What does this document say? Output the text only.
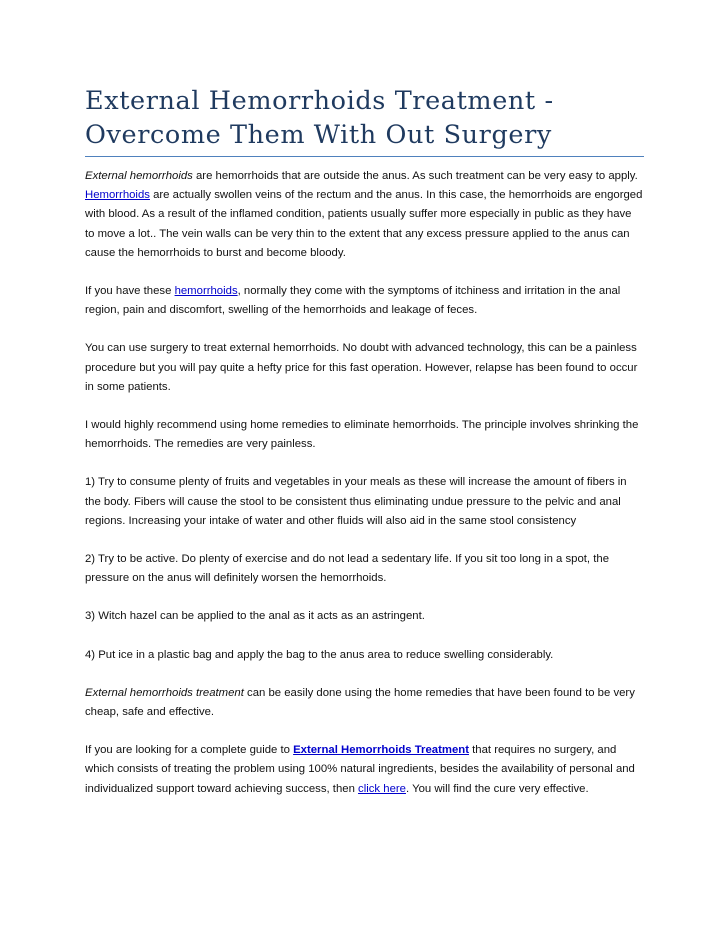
External Hemorrhoids Treatment -
Overcome Them With Out Surgery

External hemorrhoids are hemorrhoids that are outside the anus. As such treatment can be very easy to apply. Hemorrhoids are actually swollen veins of the rectum and the anus. In this case, the hemorrhoids are engorged with blood. As a result of the inflamed condition, patients usually suffer more especially in public as they have to move a lot.. The vein walls can be very thin to the extent that any excess pressure applied to the anus can cause the hemorrhoids to burst and become bloody.

If you have these hemorrhoids, normally they come with the symptoms of itchiness and irritation in the anal region, pain and discomfort, swelling of the hemorrhoids and leakage of feces.

You can use surgery to treat external hemorrhoids. No doubt with advanced technology, this can be a painless procedure but you will pay quite a hefty price for this fast operation. However, relapse has been found to occur in some patients.

I would highly recommend using home remedies to eliminate hemorrhoids. The principle involves shrinking the hemorrhoids. The remedies are very painless.

1) Try to consume plenty of fruits and vegetables in your meals as these will increase the amount of fibers in the body. Fibers will cause the stool to be consistent thus eliminating undue pressure to the pelvic and anal regions. Increasing your intake of water and other fluids will also aid in the same stool consistency

2) Try to be active. Do plenty of exercise and do not lead a sedentary life. If you sit too long in a spot, the pressure on the anus will definitely worsen the hemorrhoids.

3) Witch hazel can be applied to the anal as it acts as an astringent.

4) Put ice in a plastic bag and apply the bag to the anus area to reduce swelling considerably.

External hemorrhoids treatment can be easily done using the home remedies that have been found to be very cheap, safe and effective.

If you are looking for a complete guide to External Hemorrhoids Treatment that requires no surgery, and which consists of treating the problem using 100% natural ingredients, besides the availability of personal and individualized support toward achieving success, then click here. You will find the cure very effective.
